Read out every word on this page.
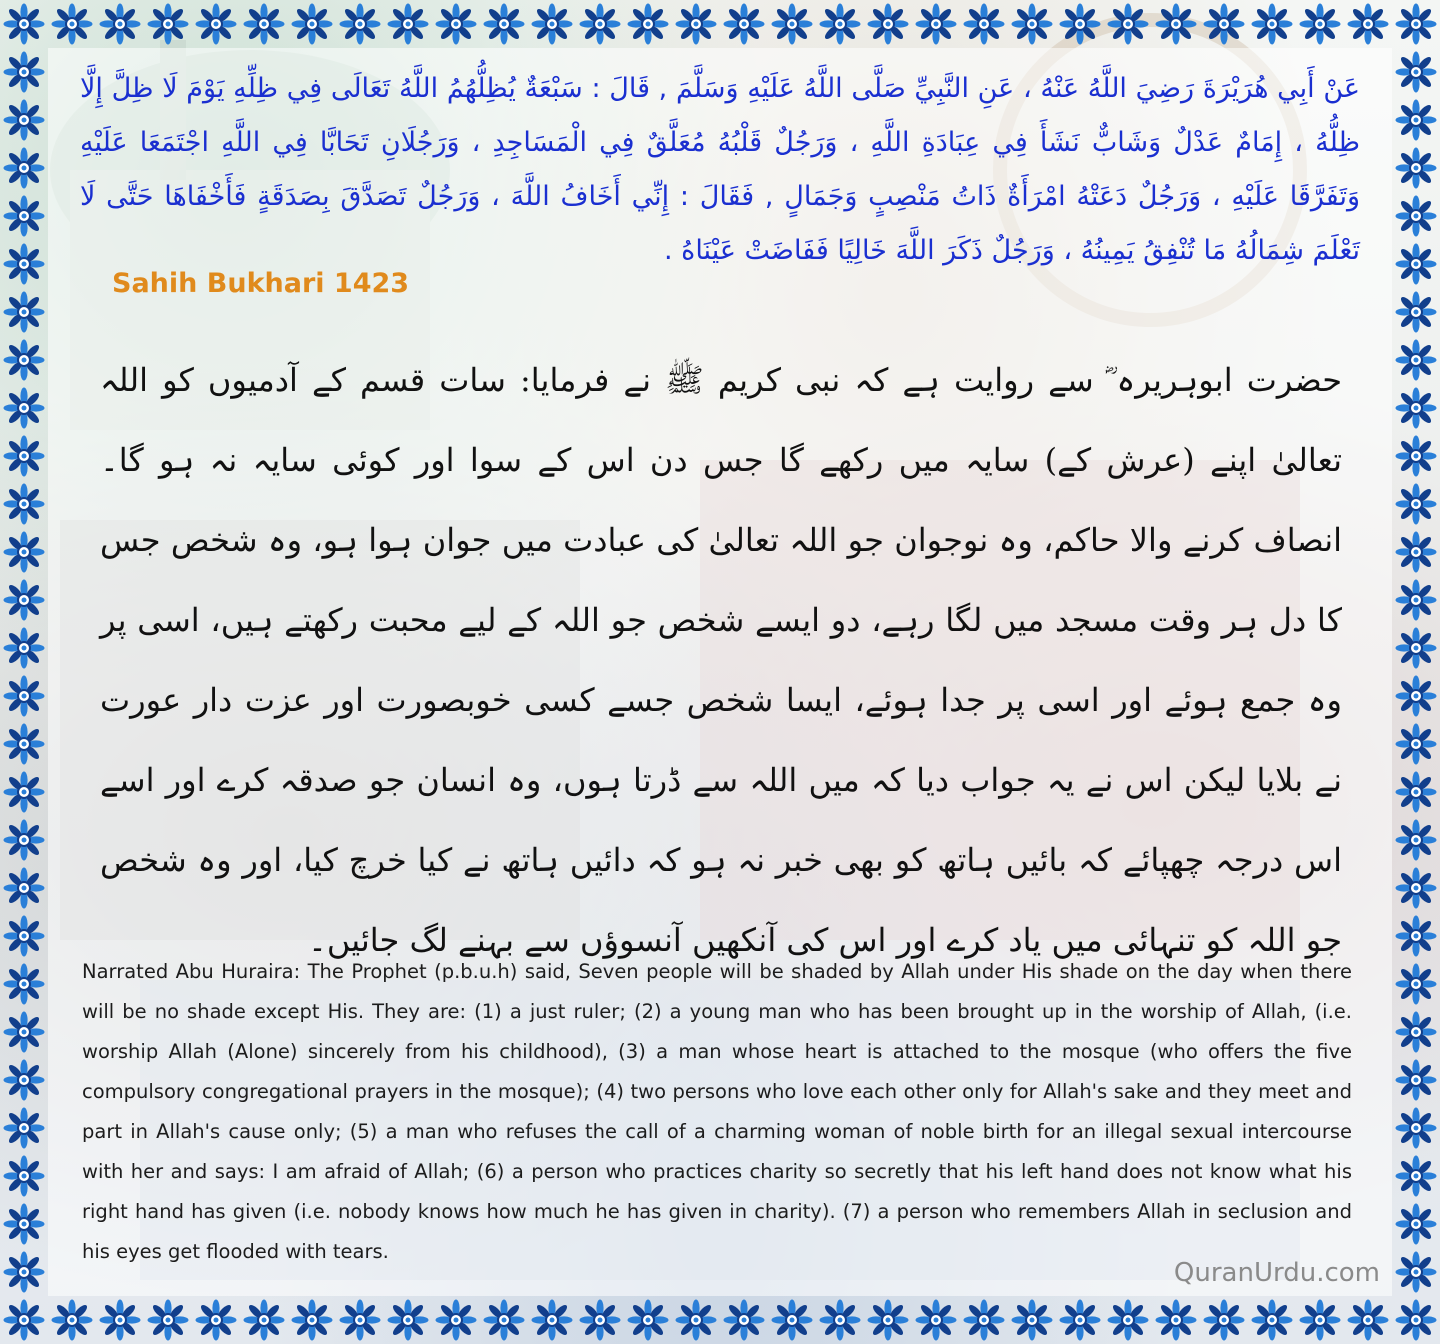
عَنْ أَبِي هُرَيْرَةَ رَضِيَ اللَّهُ عَنْهُ ، عَنِ النَّبِيِّ صَلَّى اللَّهُ عَلَيْهِ وَسَلَّمَ , قَالَ : سَبْعَةٌ يُظِلُّهُمُ اللَّهُ تَعَالَى فِي ظِلِّهِ يَوْمَ لَا ظِلَّ إِلَّا ظِلُّهُ ، إِمَامٌ عَدْلٌ وَشَابٌّ نَشَأَ فِي عِبَادَةِ اللَّهِ ، وَرَجُلٌ قَلْبُهُ مُعَلَّقٌ فِي الْمَسَاجِدِ ، وَرَجُلَانِ تَحَابَّا فِي اللَّهِ اجْتَمَعَا عَلَيْهِ وَتَفَرَّقَا عَلَيْهِ ، وَرَجُلٌ دَعَتْهُ امْرَأَةٌ ذَاتُ مَنْصِبٍ وَجَمَالٍ , فَقَالَ : إِنِّي أَخَافُ اللَّهَ ، وَرَجُلٌ تَصَدَّقَ بِصَدَقَةٍ فَأَخْفَاهَا حَتَّى لَا تَعْلَمَ شِمَالُهُ مَا تُنْفِقُ يَمِينُهُ ، وَرَجُلٌ ذَكَرَ اللَّهَ خَالِيًا فَفَاضَتْ عَيْنَاهُ .

Sahih Bukhari 1423

حضرت ابوہریرہ ؓ سے روایت ہے کہ نبی کریم ﷺ نے فرمایا: سات قسم کے آدمیوں کو اللہ تعالیٰ اپنے (عرش کے) سایہ میں رکھے گا جس دن اس کے سوا اور کوئی سایہ نہ ہو گا۔ انصاف کرنے والا حاکم، وہ نوجوان جو اللہ تعالیٰ کی عبادت میں جوان ہوا ہو، وہ شخص جس کا دل ہر وقت مسجد میں لگا رہے، دو ایسے شخص جو اللہ کے لیے محبت رکھتے ہیں، اسی پر وہ جمع ہوئے اور اسی پر جدا ہوئے، ایسا شخص جسے کسی خوبصورت اور عزت دار عورت نے بلایا لیکن اس نے یہ جواب دیا کہ میں اللہ سے ڈرتا ہوں، وہ انسان جو صدقہ کرے اور اسے اس درجہ چھپائے کہ بائیں ہاتھ کو بھی خبر نہ ہو کہ دائیں ہاتھ نے کیا خرچ کیا، اور وہ شخص جو اللہ کو تنہائی میں یاد کرے اور اس کی آنکھیں آنسوؤں سے بہنے لگ جائیں۔

Narrated Abu Huraira: The Prophet (p.b.u.h) said, Seven people will be shaded by Allah under His shade on the day when there will be no shade except His. They are: (1) a just ruler; (2) a young man who has been brought up in the worship of Allah, (i.e. worship Allah (Alone) sincerely from his childhood), (3) a man whose heart is attached to the mosque (who offers the five compulsory congregational prayers in the mosque); (4) two persons who love each other only for Allah's sake and they meet and part in Allah's cause only; (5) a man who refuses the call of a charming woman of noble birth for an illegal sexual intercourse with her and says: I am afraid of Allah; (6) a person who practices charity so secretly that his left hand does not know what his right hand has given (i.e. nobody knows how much he has given in charity). (7) a person who remembers Allah in seclusion and his eyes get flooded with tears.

QuranUrdu.com
